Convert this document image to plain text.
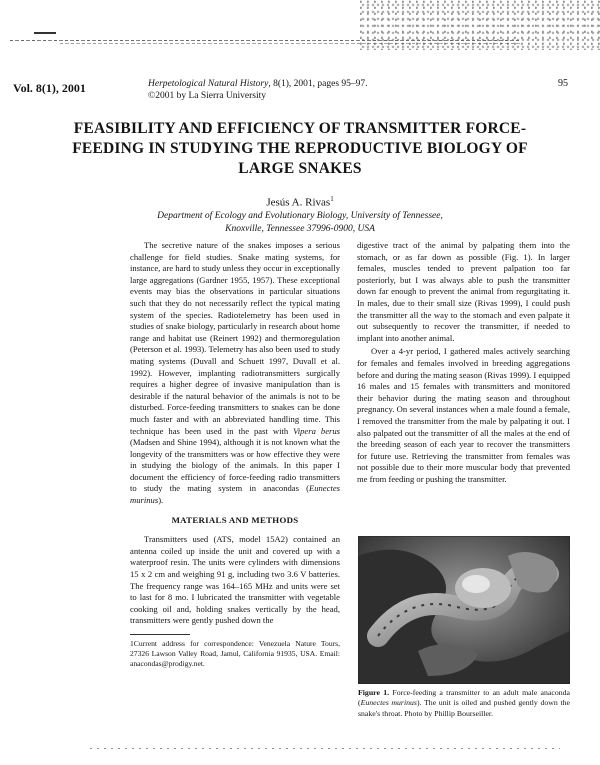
Vol. 8(1), 2001	Herpetological Natural History, 8(1), 2001, pages 95–97.
©2001 by La Sierra University
95
FEASIBILITY AND EFFICIENCY OF TRANSMITTER FORCE-FEEDING IN STUDYING THE REPRODUCTIVE BIOLOGY OF LARGE SNAKES
Jesús A. Rivas$^1$
Department of Ecology and Evolutionary Biology, University of Tennessee,
Knoxville, Tennessee 37996-0900, USA

The secretive nature of the snakes imposes a serious challenge for field studies. Snake mating systems, for instance, are hard to study unless they occur in exceptionally large aggregations (Gardner 1955, 1957). These exceptional events may bias the observations in particular situations such that they do not necessarily reflect the typical mating system of the species. Radiotelemetry has been used in studies of snake biology, particularly in research about home range and habitat use (Reinert 1992) and thermoregulation (Peterson et al. 1993). Telemetry has also been used to study mating systems (Duvall and Schuett 1997, Duvall et al. 1992). However, implanting radiotransmitters surgically requires a higher degree of invasive manipulation than is desirable if the natural behavior of the animals is not to be disturbed. Force-feeding transmitters to snakes can be done much faster and with an abbreviated handling time. This technique has been used in the past with Vipera berus (Madsen and Shine 1994), although it is not known what the longevity of the transmitters was or how effective they were in studying the biology of the animals. In this paper I document the efficiency of force-feeding radio transmitters to study the mating system in anacondas (Eunectes murinus).

MATERIALS AND METHODS

Transmitters used (ATS, model 15A2) contained an antenna coiled up inside the unit and covered up with a waterproof resin. The units were cylinders with dimensions 15 x 2 cm and weighing 91 g, including two 3.6 V batteries. The frequency range was 164–165 MHz and units were set to last for 8 mo. I lubricated the transmitter with vegetable cooking oil and, holding snakes vertically by the head, transmitters were gently pushed down the

1Current address for correspondence: Venezuela Nature Tours, 27326 Lawson Valley Road, Jamul, California 91935, USA. Email: anacondas@prodigy.net.

digestive tract of the animal by palpating them into the stomach, or as far down as possible (Fig. 1). In larger females, muscles tended to prevent palpation too far posteriorly, but I was always able to push the transmitter down far enough to prevent the animal from regurgitating it. In males, due to their small size (Rivas 1999), I could push the transmitter all the way to the stomach and even palpate it out subsequently to recover the transmitter, if needed to implant into another animal.

Over a 4-yr period, I gathered males actively searching for females and females involved in breeding aggregations before and during the mating season (Rivas 1999). I equipped 16 males and 15 females with transmitters and monitored their behavior during the mating season and throughout pregnancy. On several instances when a male found a female, I removed the transmitter from the male by palpating it out. I also palpated out the transmitter of all the males at the end of the breeding season of each year to recover the transmitters for future use. Retrieving the transmitter from females was not possible due to their more muscular body that prevented me from feeding or pushing the transmitter.

Figure 1. Force-feeding a transmitter to an adult male anaconda (Eunectes murinus). The unit is oiled and pushed gently down the snake's throat. Photo by Phillip Bourseiller.
